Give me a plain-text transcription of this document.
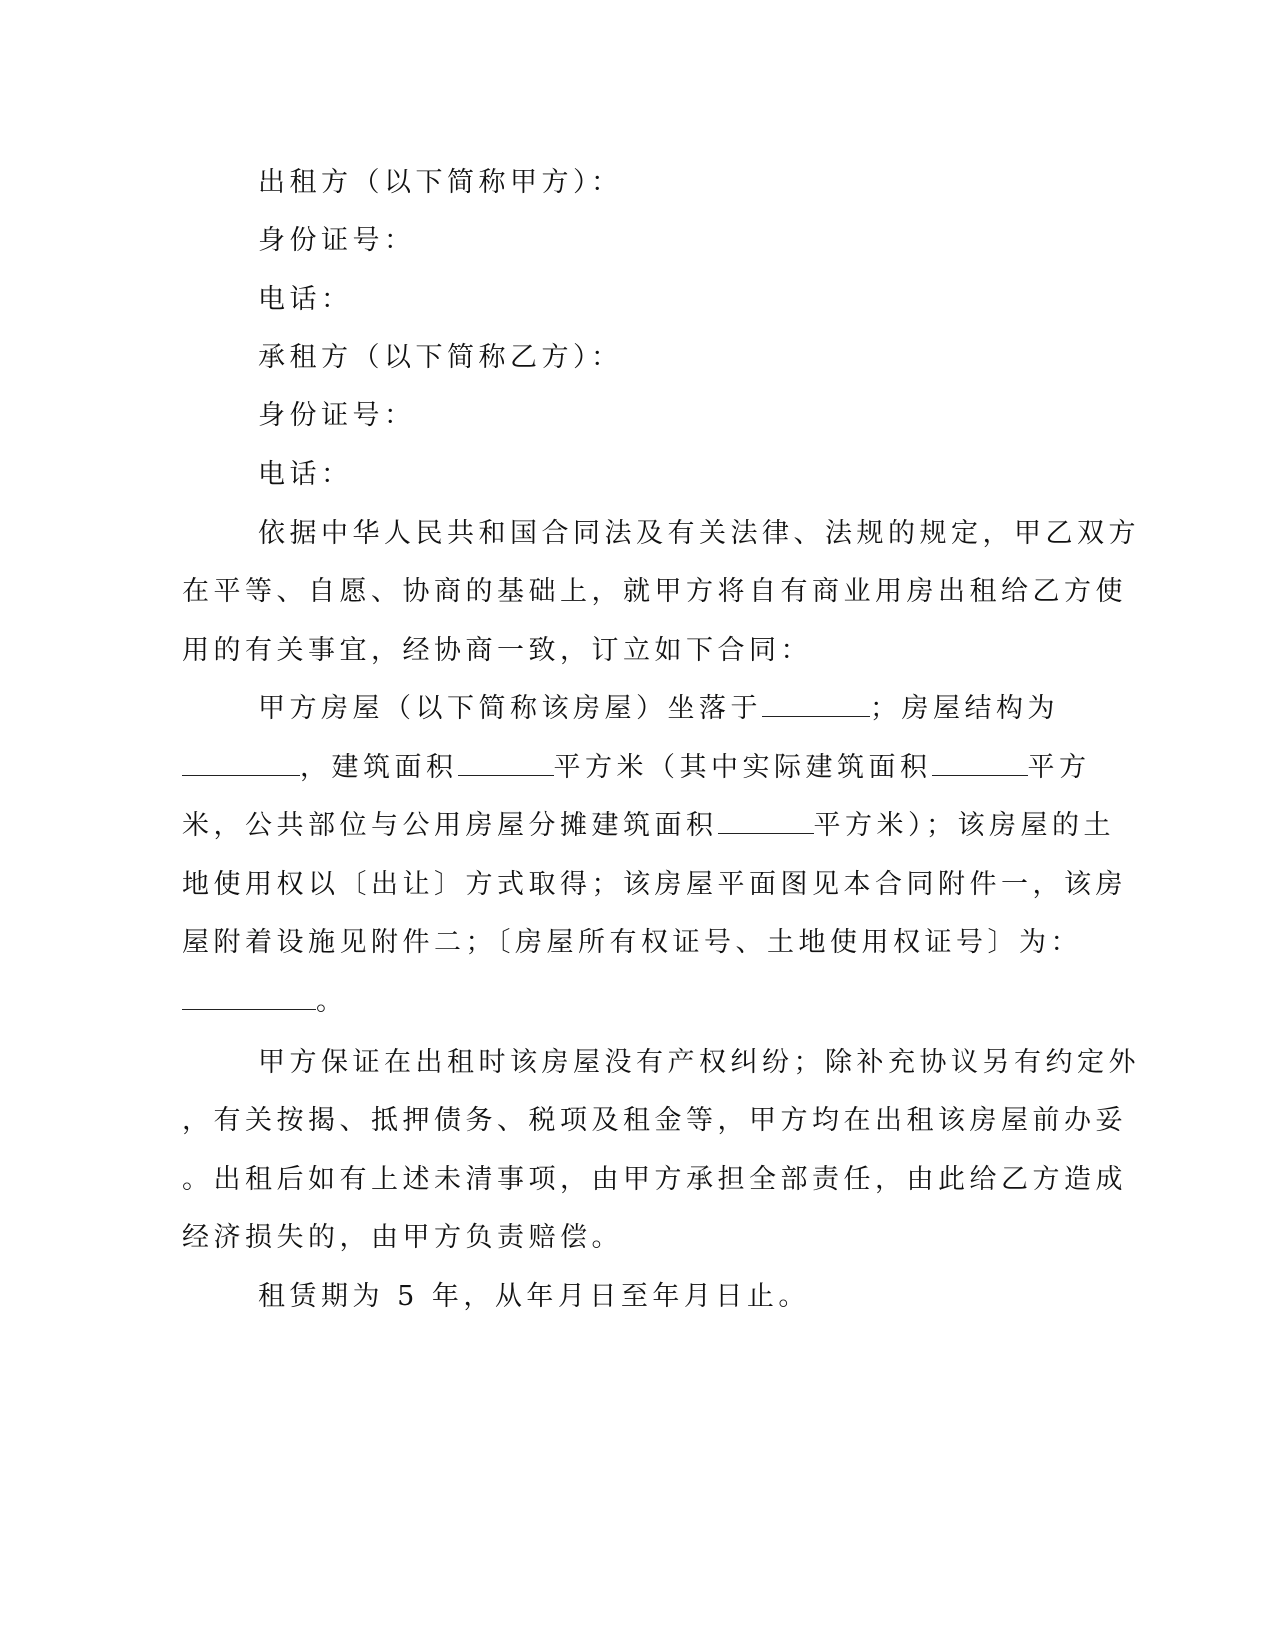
出租方（以下简称甲方）：
身份证号：
电话：
承租方（以下简称乙方）：
身份证号：
电话：
依据中华人民共和国合同法及有关法律、法规的规定，甲乙双方
在平等、自愿、协商的基础上，就甲方将自有商业用房出租给乙方使
用的有关事宜，经协商一致，订立如下合同：
甲方房屋（以下简称该房屋）坐落于	；房屋结构为
，建筑面积	平方米（其中实际建筑面积	平方
米，公共部位与公用房屋分摊建筑面积	平方米）；该房屋的土
地使用权以〔出让〕方式取得；该房屋平面图见本合同附件一，该房
屋附着设施见附件二；〔房屋所有权证号、土地使用权证号〕为：
。
甲方保证在出租时该房屋没有产权纠纷；除补充协议另有约定外
，有关按揭、抵押债务、税项及租金等，甲方均在出租该房屋前办妥
。出租后如有上述未清事项，由甲方承担全部责任，由此给乙方造成
经济损失的，由甲方负责赔偿。
租赁期为 5 年，从年月日至年月日止。
